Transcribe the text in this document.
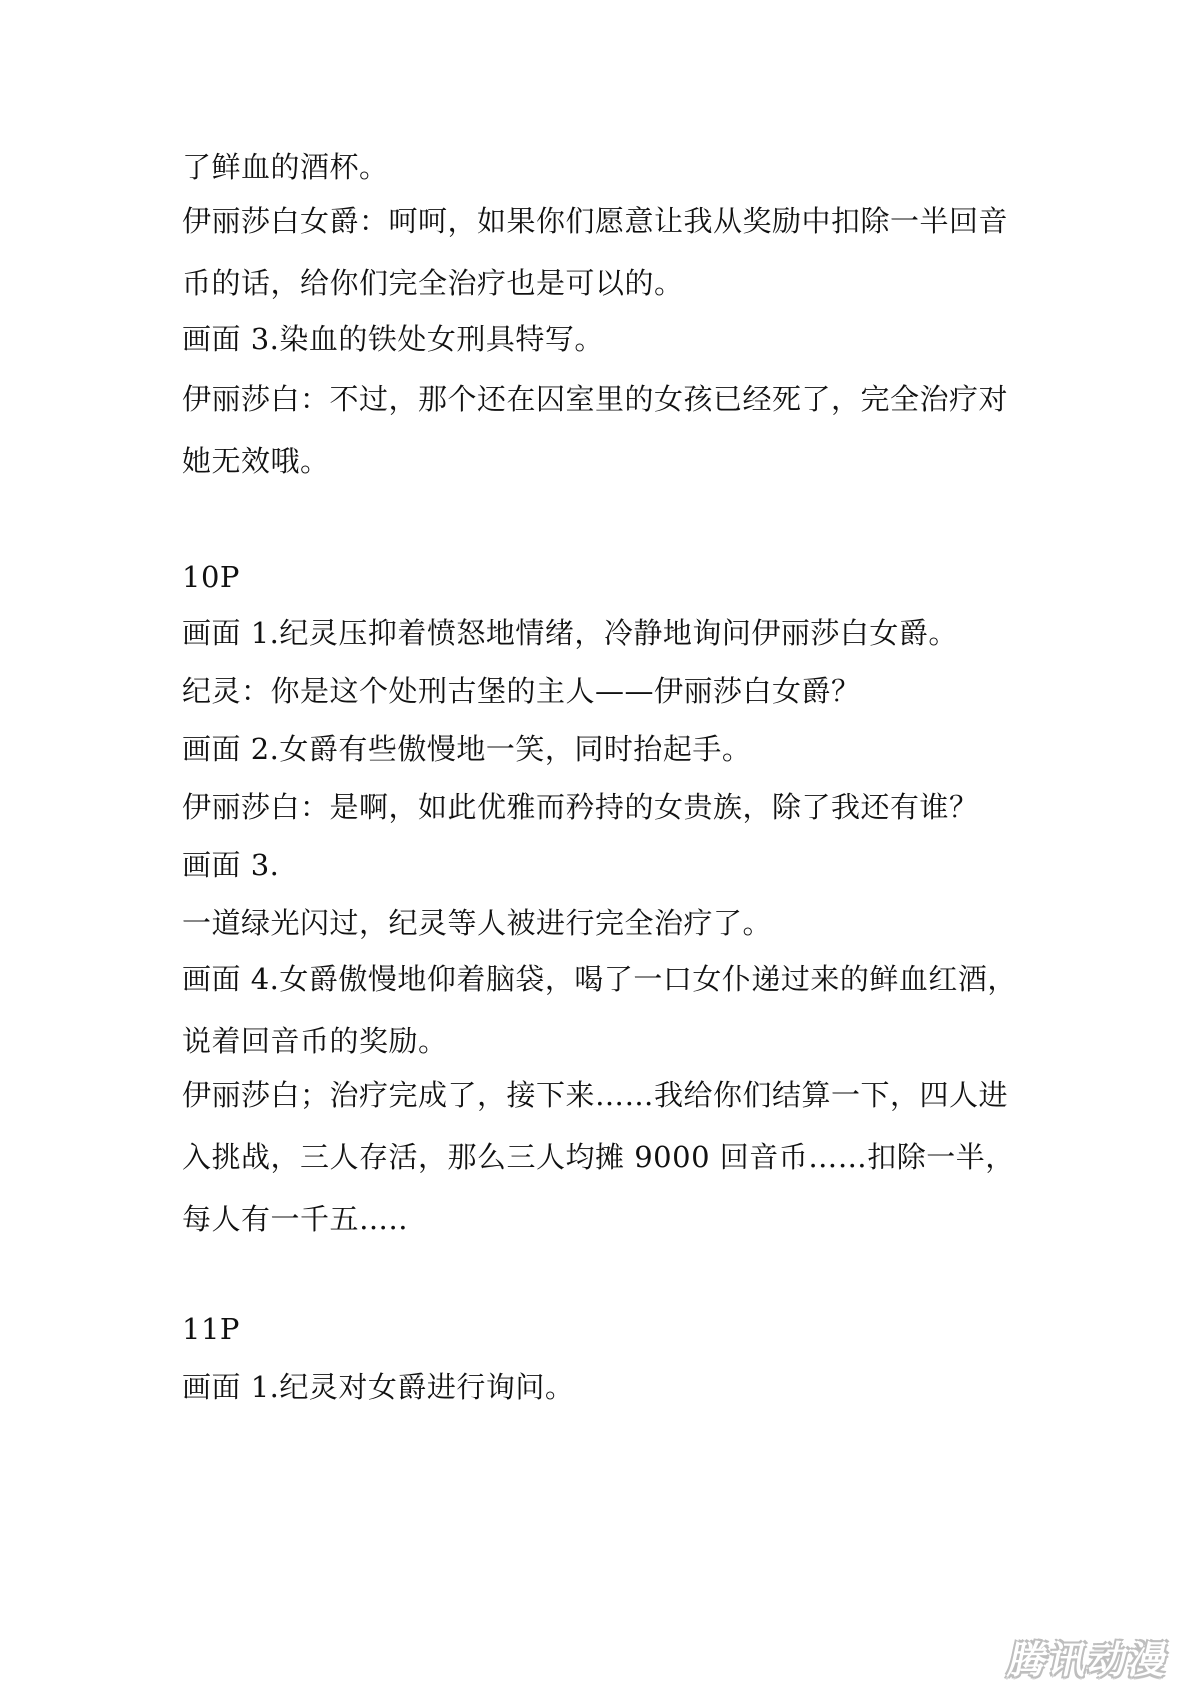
了鲜血的酒杯。

伊丽莎白女爵：呵呵，如果你们愿意让我从奖励中扣除一半回音币的话，给你们完全治疗也是可以的。

画面 3.染血的铁处女刑具特写。

伊丽莎白：不过，那个还在囚室里的女孩已经死了，完全治疗对她无效哦。

10P

画面 1.纪灵压抑着愤怒地情绪，冷静地询问伊丽莎白女爵。

纪灵：你是这个处刑古堡的主人——伊丽莎白女爵？

画面 2.女爵有些傲慢地一笑，同时抬起手。

伊丽莎白：是啊，如此优雅而矜持的女贵族，除了我还有谁？

画面 3.

一道绿光闪过，纪灵等人被进行完全治疗了。

画面 4.女爵傲慢地仰着脑袋，喝了一口女仆递过来的鲜血红酒，说着回音币的奖励。

伊丽莎白；治疗完成了，接下来……我给你们结算一下，四人进入挑战，三人存活，那么三人均摊 9000 回音币……扣除一半，每人有一千五…..

11P

画面 1.纪灵对女爵进行询问。

腾讯动漫
